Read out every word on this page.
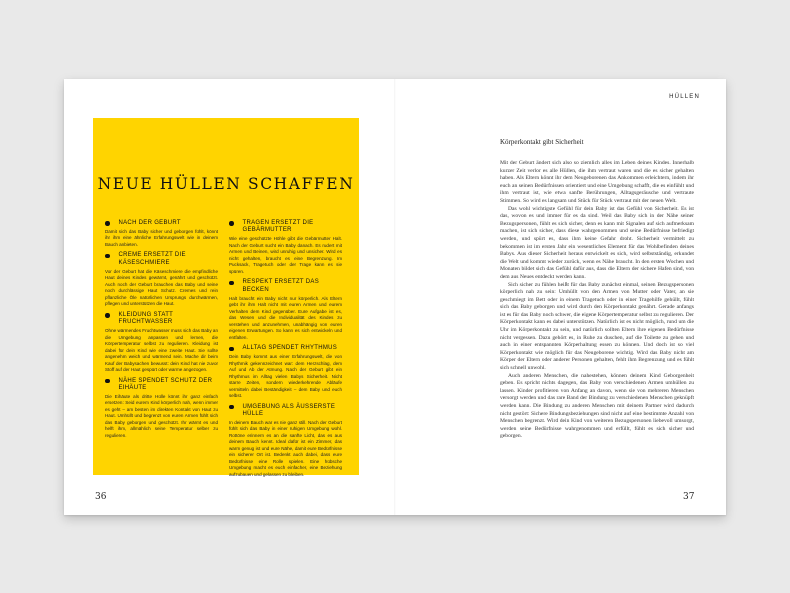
NEUE HÜLLEN SCHAFFEN
NACH DER GEBURT

Damit sich das Baby sicher und geborgen fühlt, könnt ihr ihm eine ähnliche Erfahrungswelt wie in deinem Bauch anbieten.

CREME ERSETZT DIE KÄSESCHMIERE

Vor der Geburt hat die Käseschmiere die empfindliche Haut deines Kindes gewärmt, genährt und geschützt. Auch noch der Geburt brauchen das Baby und seine noch durchlässige Haut Schutz. Cremes und rein pflanzliche Öle natürlichen Ursprungs durchwärmen, pflegen und unterstützen die Haut.

KLEIDUNG STATT FRUCHTWASSER

Ohne wärmendes Fruchtwasser muss sich das Baby an die Umgebung anpassen und lernen, die Körpertemperatur selbst zu regulieren. Kleidung ist dabei für dein Kind wie eine zweite Haut. Sie sollte angenehm weich und wärmend sein. Mache dir beim Kauf der Babysachen bewusst: dein Kind hat nie zuvor Stoff auf der Haut gespürt oder warme angezogen.

NÄHE SPENDET SCHUTZ DER EIHÄUTE

Die Eihäute als dritte Hülle könnt ihr ganz einfach ersetzen: Seid eurem Kind körperlich nah, wenn immer es geht – am besten im direkten Kontakt von Haut zu Haut. Umhüllt und begrenzt von euren Armen fühlt sich das Baby geborgen und geschützt. Ihr wärmt es und helft ihm, allmählich seine Temperatur selber zu regulieren.

TRAGEN ERSETZT DIE GEBÄRMUTTER

Wie eine geschützte Höhle gibt die Gebärmutter Halt. Nach der Geburt sucht ein Baby danach. Es rudert mit Armen und Beinen, wird unruhig und unsicher. Wird es nicht gehalten, braucht es eine Begrenzung. Im Pucksack, Tragetuch oder der Trage kann es sie spüren.

RESPEKT ERSETZT DAS BECKEN

Halt braucht ein Baby nicht nur körperlich. Als Eltern gebt ihr ihm Halt nicht mit euren Armen und eurem Verhalten dem Kind gegenüber. Eure Aufgabe ist es, das Wesen und die Individualität des Kindes zu verstehen und anzunehmen, unabhängig von euren eigenen Erwartungen. So kann es sich entwickeln und entfalten.

ALLTAG SPENDET RHYTHMUS

Dein Baby kommt aus einer Erfahrungswelt, die von Rhythmik gekennzeichnet war: dem Herzschlag, dem Auf und Ab der Atmung. Nach der Geburt gibt ein Rhythmus im Alltag vielen Babys Sicherheit. Nicht starre Zeiten, sondern wiederkehrende Abläufe vermitteln dabei Beständigkeit – dem Baby und euch selbst.

UMGEBUNG ALS ÄUSSERSTE HÜLLE

In deinem Bauch war es nie ganz still. Nach der Geburt fühlt sich das Baby in einer ruhigen Umgebung wohl. Rottöne erinnern es an die sanfte Licht, das es aus deinem Bauch kennt. Ideal dafür ist ein Zimmer, das warm genug ist und eure Nähe, damit eure Bedürfnisse ein sicherer Ort ist. Bedenkt auch dabei, dass eure Bedürfnisse eine Rolle spielen. Eine hübsche Umgebung macht es euch einfacher, eine Beziehung aufzubauen und gelassen zu bleiben.

36
HÜLLEN
Körperkontakt gibt Sicherheit

Mit der Geburt ändert sich also so ziemlich alles im Leben deines Kindes. Innerhalb kurzer Zeit verlor es alle Hüllen, die ihm vertraut waren und die es sicher gehalten haben. Als Eltern könnt ihr dem Neugeborenen das Ankommen erleichtern, indem ihr euch an seinen Bedürfnissen orientiert und eine Umgebung schafft, die es einfühlt und ihm vertraut ist, wie etwa sanfte Berührungen, Alltagsgeräusche und vertraute Stimmen. So wird es langsam und Stück für Stück vertraut mit der neuen Welt.

Das wohl wichtigste Gefühl für dein Baby ist das Gefühl von Sicherheit. Es ist das, wovon es und immer für es da sind. Weil das Baby sich in der Nähe seiner Bezugspersonen, fühlt es sich sicher, denn es kann mit Signalen auf sich aufmerksam machen, ist sich sicher, dass diese wahrgenommen und seine Bedürfnisse befriedigt werden, und spürt es, dass ihm keine Gefahr droht. Sicherheit vermittelt zu bekommen ist im ersten Jahr ein wesentliches Element für das Wohlbefinden deines Babys. Aus dieser Sicherheit heraus entwickelt es sich, wird selbstständig, erkundet die Welt und kommt wieder zurück, wenn es Nähe braucht. In den ersten Wochen und Monaten bildet sich das Gefühl dafür aus, dass die Eltern der sichere Hafen sind, von dem aus Neues entdeckt werden kann.

Sich sicher zu fühlen heißt für das Baby zunächst einmal, seinen Bezugspersonen körperlich nah zu sein: Umhüllt von den Armen von Mutter oder Vater, an sie geschmiegt im Bett oder in einem Tragetuch oder in einer Tragehilfe gehüllt, fühlt sich das Baby geborgen und wird durch den Körperkontakt genährt. Gerade anfangs ist es für das Baby noch schwer, die eigene Körpertemperatur selbst zu regulieren. Der Körperkontakt kann es dabei unterstützen. Natürlich ist es nicht möglich, rund um die Uhr im Körperkontakt zu sein, und natürlich sollten Eltern ihre eigenen Bedürfnisse nicht vergessen. Dazu gehört es, in Ruhe zu duschen, auf die Toilette zu gehen und auch in einer entspannten Körperhaltung essen zu können. Und doch ist so viel Körperkontakt wie möglich für das Neugeborene wichtig. Wird das Baby nicht am Körper der Eltern oder anderer Personen gehalten, fehlt ihm Begrenzung und es fühlt sich schnell unwohl.

Auch anderen Menschen, die nahestehen, können deinem Kind Geborgenheit geben. Es spricht nichts dagegen, das Baby von verschiedenen Armen umhüllen zu lassen. Kinder profitieren von Anfang an davon, wenn sie von mehreren Menschen versorgt werden und das rare Band der Bindung zu verschiedenen Menschen geknüpft werden kann. Die Bindung zu anderen Menschen mit deinem Partner wird dadurch nicht gestört: Sichere Bindungsbeziehungen sind nicht auf eine bestimmte Anzahl von Menschen begrenzt. Wird dein Kind von weiteren Bezugspersonen liebevoll umsorgt, werden seine Bedürfnisse wahrgenommen und erfüllt, fühlt es sich sicher und geborgen.

37
